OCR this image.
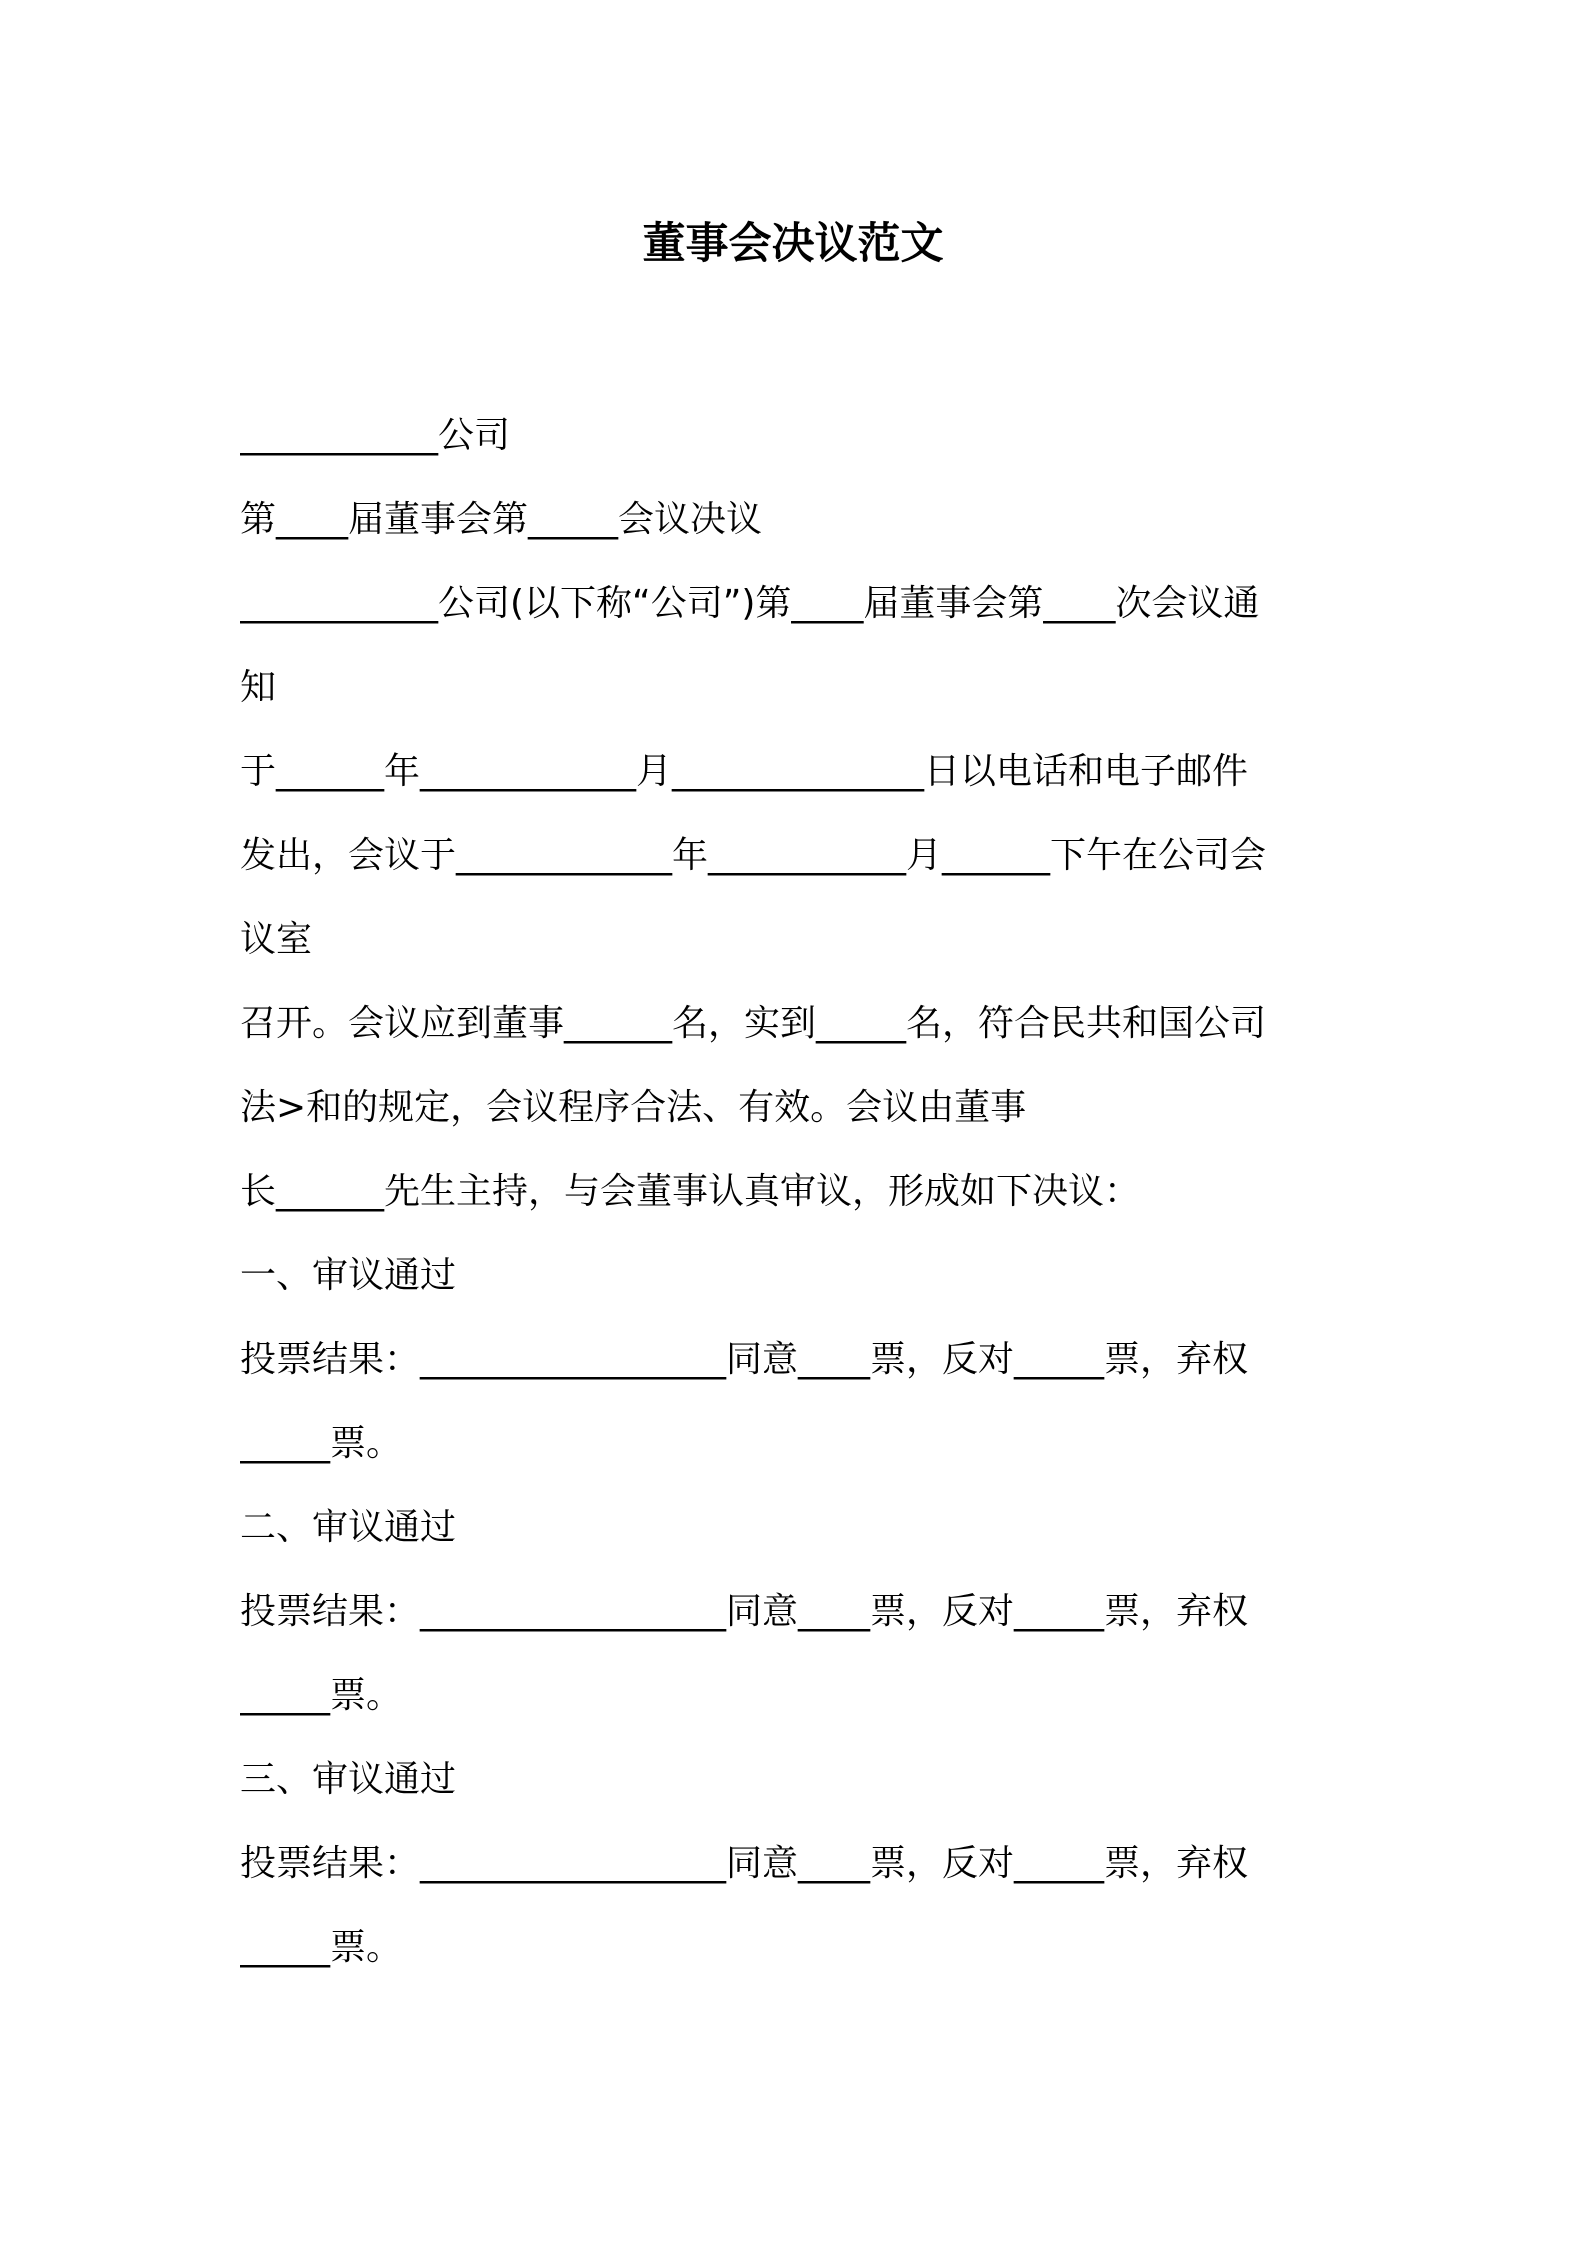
董事会决议范文
___________公司
第____届董事会第_____会议决议
___________公司(以下称“公司”)第____届董事会第____次会议通
知
于______年____________月______________日以电话和电子邮件
发出，会议于____________年___________月______下午在公司会
议室
召开。会议应到董事______名，实到_____名，符合民共和国公司
法>和的规定，会议程序合法、有效。会议由董事
长______先生主持，与会董事认真审议，形成如下决议：
一、审议通过
投票结果：_________________同意____票，反对_____票，弃权
_____票。
二、审议通过
投票结果：_________________同意____票，反对_____票，弃权
_____票。
三、审议通过
投票结果：_________________同意____票，反对_____票，弃权
_____票。
